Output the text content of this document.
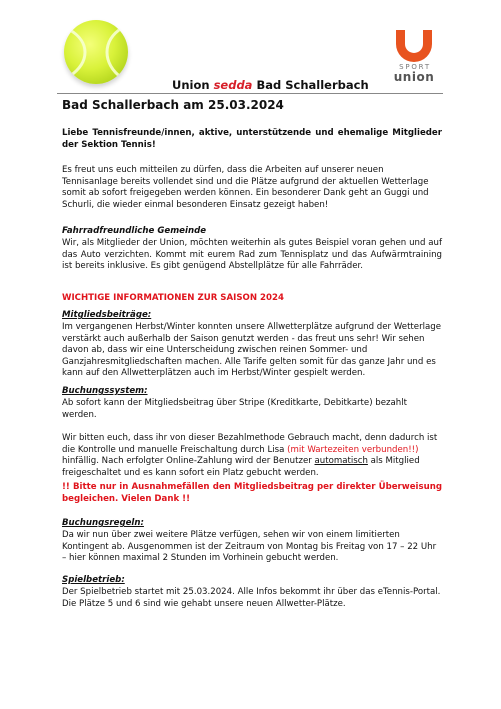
SPORT
union
Union sedda Bad Schallerbach
Bad Schallerbach am 25.03.2024
Liebe Tennisfreunde/innen, aktive, unterstützende und ehemalige Mitglieder der Sektion Tennis!
Es freut uns euch mitteilen zu dürfen, dass die Arbeiten auf unserer neuen Tennisanlage bereits vollendet sind und die Plätze aufgrund der aktuellen Wetterlage somit ab sofort freigegeben werden können. Ein besonderer Dank geht an Guggi und Schurli, die wieder einmal besonderen Einsatz gezeigt haben!
Fahrradfreundliche Gemeinde
Wir, als Mitglieder der Union, möchten weiterhin als gutes Beispiel voran gehen und auf das Auto verzichten. Kommt mit eurem Rad zum Tennisplatz und das Aufwärmtraining ist bereits inklusive. Es gibt genügend Abstellplätze für alle Fahrräder.
WICHTIGE INFORMATIONEN ZUR SAISON 2024
Mitgliedsbeiträge:
Im vergangenen Herbst/Winter konnten unsere Allwetterplätze aufgrund der Wetterlage verstärkt auch außerhalb der Saison genutzt werden - das freut uns sehr! Wir sehen davon ab, dass wir eine Unterscheidung zwischen reinen Sommer- und Ganzjahresmitgliedschaften machen. Alle Tarife gelten somit für das ganze Jahr und es kann auf den Allwetterplätzen auch im Herbst/Winter gespielt werden.
Buchungssystem:
Ab sofort kann der Mitgliedsbeitrag über Stripe (Kreditkarte, Debitkarte) bezahlt werden.
Wir bitten euch, dass ihr von dieser Bezahlmethode Gebrauch macht, denn dadurch ist die Kontrolle und manuelle Freischaltung durch Lisa (mit Wartezeiten verbunden!!) hinfällig. Nach erfolgter Online-Zahlung wird der Benutzer automatisch als Mitglied freigeschaltet und es kann sofort ein Platz gebucht werden.
!! Bitte nur in Ausnahmefällen den Mitgliedsbeitrag per direkter Überweisung begleichen. Vielen Dank !!
Buchungsregeln:
Da wir nun über zwei weitere Plätze verfügen, sehen wir von einem limitierten Kontingent ab. Ausgenommen ist der Zeitraum von Montag bis Freitag von 17 – 22 Uhr – hier können maximal 2 Stunden im Vorhinein gebucht werden.
Spielbetrieb:
Der Spielbetrieb startet mit 25.03.2024. Alle Infos bekommt ihr über das eTennis-Portal. Die Plätze 5 und 6 sind wie gehabt unsere neuen Allwetter-Plätze.
